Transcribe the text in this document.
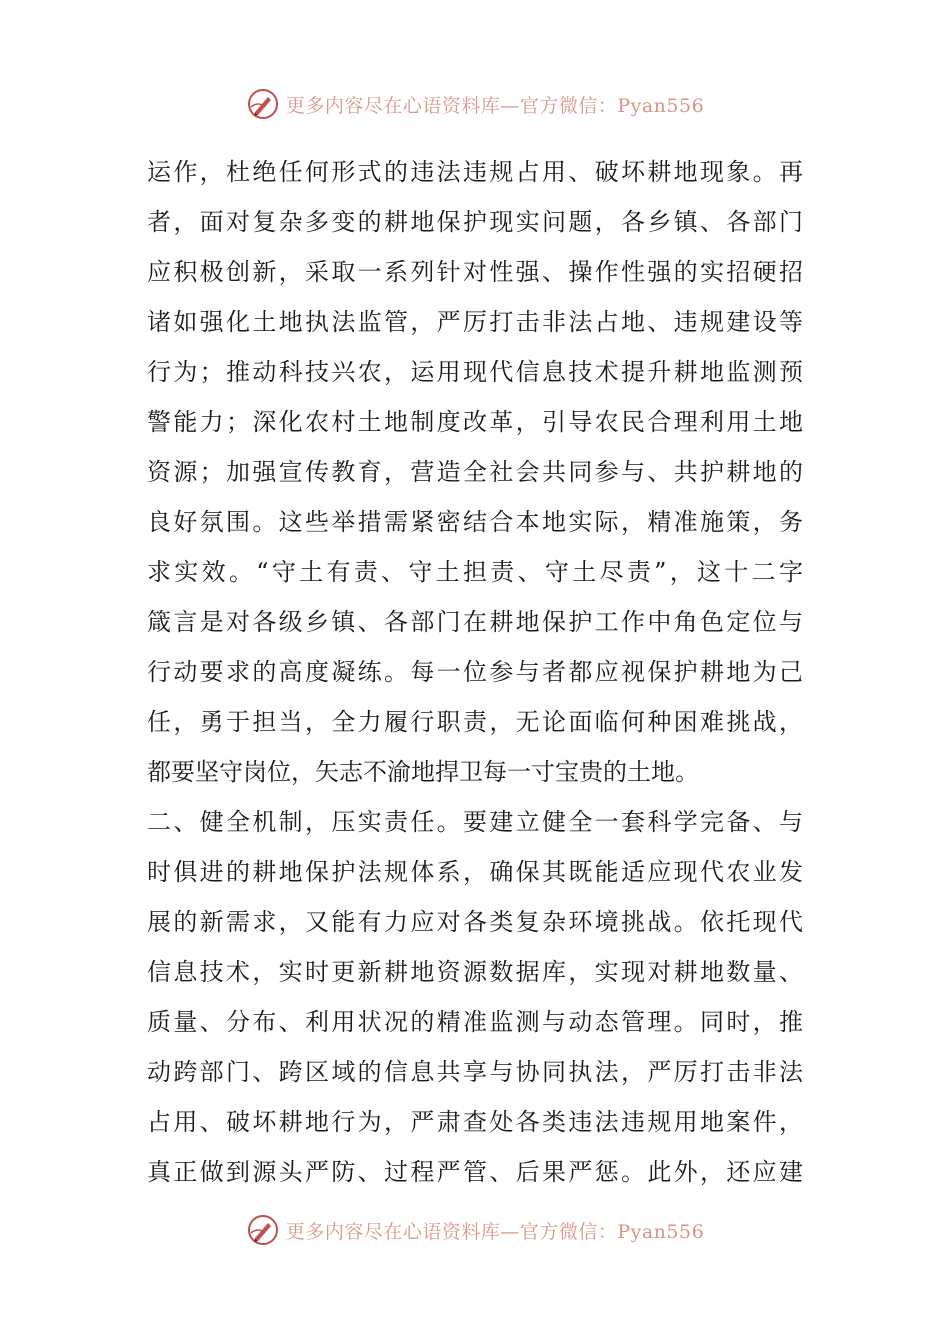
更多内容尽在心语资料库—官方微信：Pyan556
运作，杜绝任何形式的违法违规占用、破坏耕地现象。再
者，面对复杂多变的耕地保护现实问题，各乡镇、各部门
应积极创新，采取一系列针对性强、操作性强的实招硬招
诸如强化土地执法监管，严厉打击非法占地、违规建设等
行为；推动科技兴农，运用现代信息技术提升耕地监测预
警能力；深化农村土地制度改革，引导农民合理利用土地
资源；加强宣传教育，营造全社会共同参与、共护耕地的
良好氛围。这些举措需紧密结合本地实际，精准施策，务
求实效。“守土有责、守土担责、守土尽责”，这十二字
箴言是对各级乡镇、各部门在耕地保护工作中角色定位与
行动要求的高度凝练。每一位参与者都应视保护耕地为己
任，勇于担当，全力履行职责，无论面临何种困难挑战，
都要坚守岗位，矢志不渝地捍卫每一寸宝贵的土地。
二、健全机制，压实责任。要建立健全一套科学完备、与
时俱进的耕地保护法规体系，确保其既能适应现代农业发
展的新需求，又能有力应对各类复杂环境挑战。依托现代
信息技术，实时更新耕地资源数据库，实现对耕地数量、
质量、分布、利用状况的精准监测与动态管理。同时，推
动跨部门、跨区域的信息共享与协同执法，严厉打击非法
占用、破坏耕地行为，严肃查处各类违法违规用地案件，
真正做到源头严防、过程严管、后果严惩。此外，还应建
更多内容尽在心语资料库—官方微信：Pyan556
